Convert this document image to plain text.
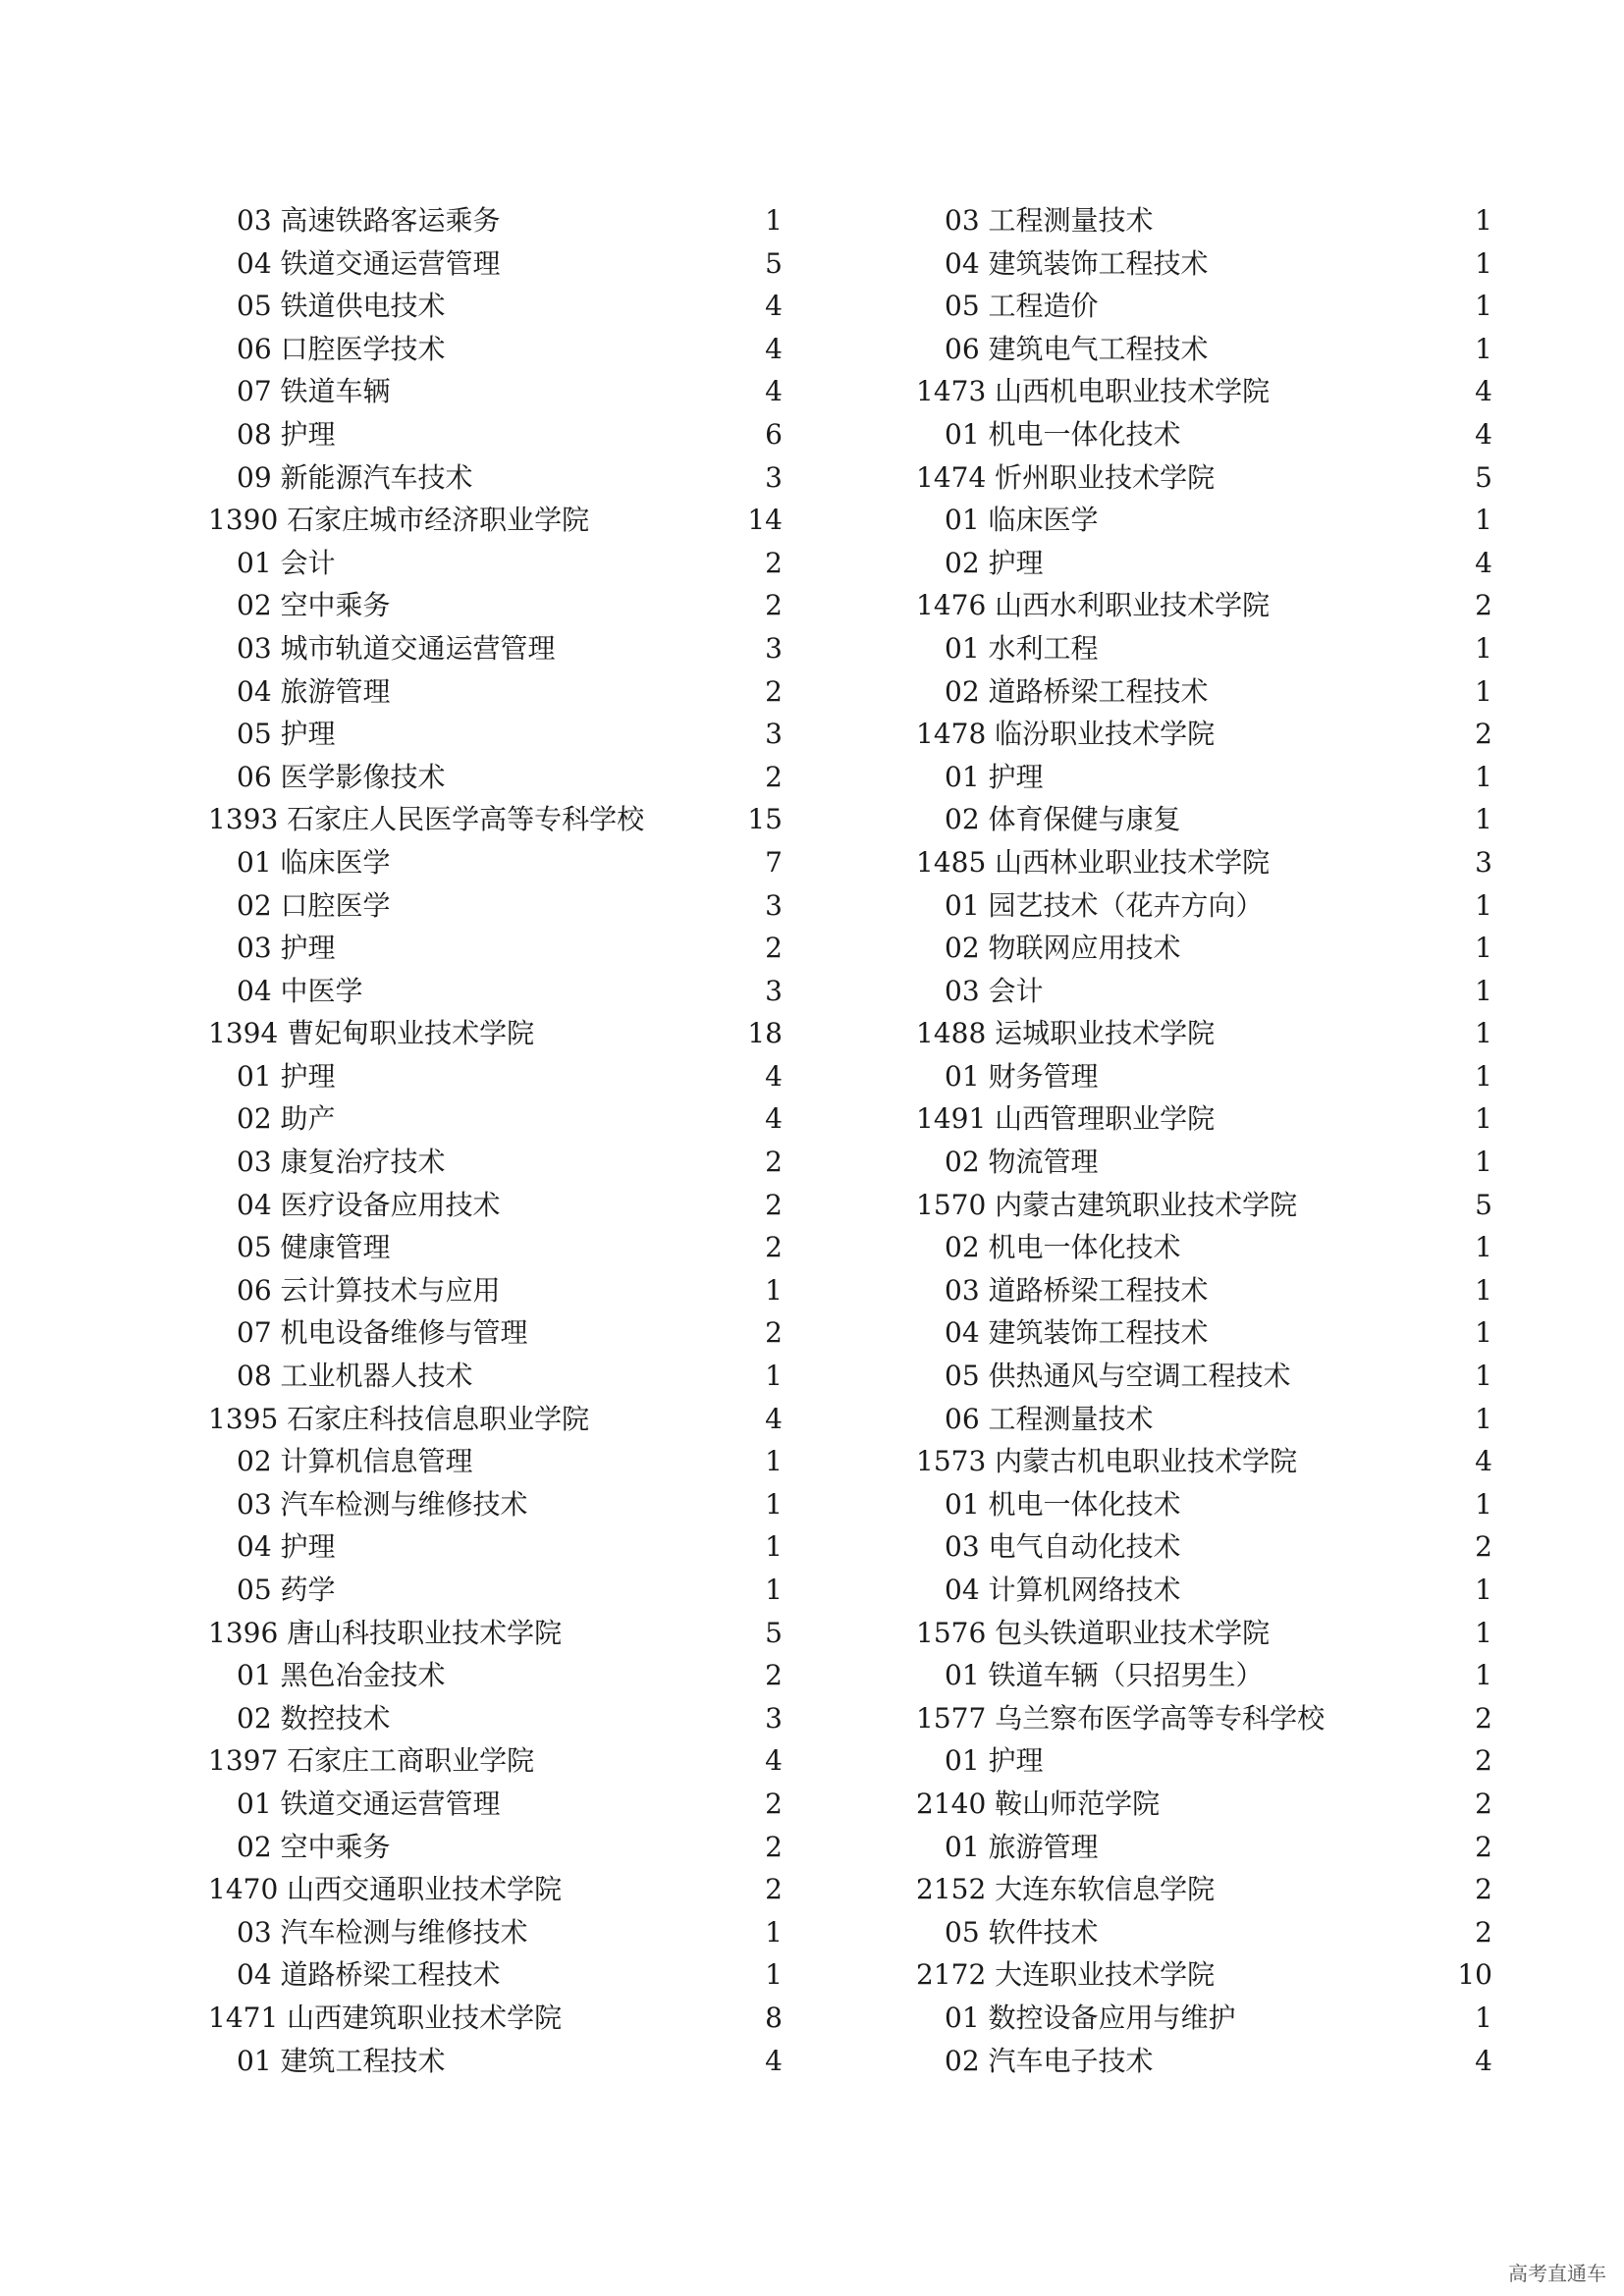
03 高速铁路客运乘务	1
04 铁道交通运营管理	5
05 铁道供电技术	4
06 口腔医学技术	4
07 铁道车辆	4
08 护理	6
09 新能源汽车技术	3
1390 石家庄城市经济职业学院	14
01 会计	2
02 空中乘务	2
03 城市轨道交通运营管理	3
04 旅游管理	2
05 护理	3
06 医学影像技术	2
1393 石家庄人民医学高等专科学校	15
01 临床医学	7
02 口腔医学	3
03 护理	2
04 中医学	3
1394 曹妃甸职业技术学院	18
01 护理	4
02 助产	4
03 康复治疗技术	2
04 医疗设备应用技术	2
05 健康管理	2
06 云计算技术与应用	1
07 机电设备维修与管理	2
08 工业机器人技术	1
1395 石家庄科技信息职业学院	4
02 计算机信息管理	1
03 汽车检测与维修技术	1
04 护理	1
05 药学	1
1396 唐山科技职业技术学院	5
01 黑色冶金技术	2
02 数控技术	3
1397 石家庄工商职业学院	4
01 铁道交通运营管理	2
02 空中乘务	2
1470 山西交通职业技术学院	2
03 汽车检测与维修技术	1
04 道路桥梁工程技术	1
1471 山西建筑职业技术学院	8
01 建筑工程技术	4
03 工程测量技术	1
04 建筑装饰工程技术	1
05 工程造价	1
06 建筑电气工程技术	1
1473 山西机电职业技术学院	4
01 机电一体化技术	4
1474 忻州职业技术学院	5
01 临床医学	1
02 护理	4
1476 山西水利职业技术学院	2
01 水利工程	1
02 道路桥梁工程技术	1
1478 临汾职业技术学院	2
01 护理	1
02 体育保健与康复	1
1485 山西林业职业技术学院	3
01 园艺技术（花卉方向）	1
02 物联网应用技术	1
03 会计	1
1488 运城职业技术学院	1
01 财务管理	1
1491 山西管理职业学院	1
02 物流管理	1
1570 内蒙古建筑职业技术学院	5
02 机电一体化技术	1
03 道路桥梁工程技术	1
04 建筑装饰工程技术	1
05 供热通风与空调工程技术	1
06 工程测量技术	1
1573 内蒙古机电职业技术学院	4
01 机电一体化技术	1
03 电气自动化技术	2
04 计算机网络技术	1
1576 包头铁道职业技术学院	1
01 铁道车辆（只招男生）	1
1577 乌兰察布医学高等专科学校	2
01 护理	2
2140 鞍山师范学院	2
01 旅游管理	2
2152 大连东软信息学院	2
05 软件技术	2
2172 大连职业技术学院	10
01 数控设备应用与维护	1
02 汽车电子技术	4
高考直通车
